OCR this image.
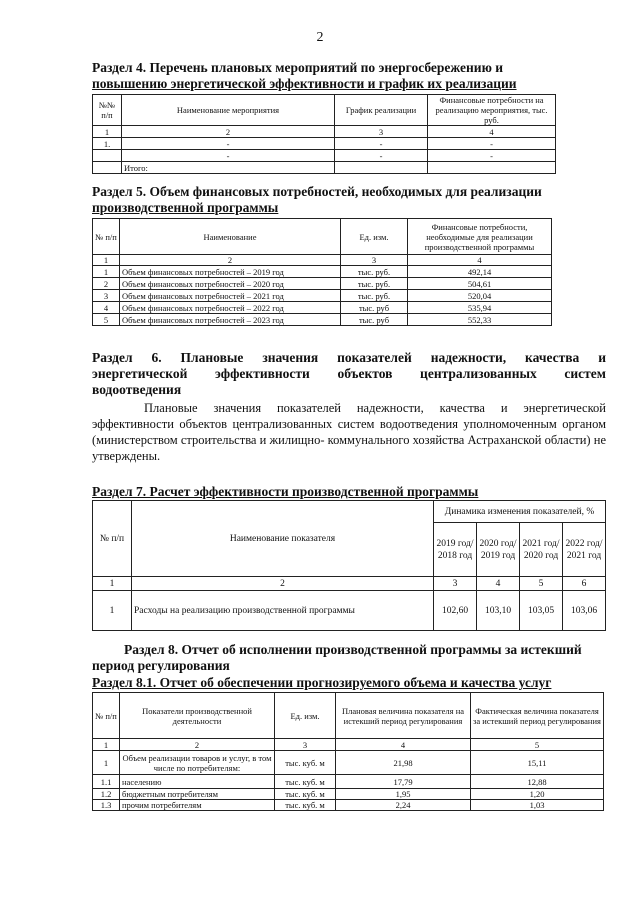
2
Раздел 4. Перечень плановых мероприятий по энергосбережению и
повышению энергетической эффективности и график их реализации
№№ п/п	Наименование мероприятия	График реализации	Финансовые потребности на реализацию мероприятия, тыс. руб.
1	2	3	4
1.	-	-	-
	-	-	-
	Итого:		
Раздел 5. Объем финансовых потребностей, необходимых для реализации
производственной программы
№ п/п	Наименование	Ед. изм.	Финансовые потребности, необходимые для реализации производственной программы
1	2	3	4
1	Объем финансовых потребностей – 2019 год	тыс. руб.	492,14
2	Объем финансовых потребностей – 2020 год	тыс. руб.	504,61
3	Объем финансовых потребностей – 2021 год	тыс. руб.	520,04
4	Объем финансовых потребностей – 2022 год	тыс. руб	535,94
5	Объем финансовых потребностей – 2023 год	тыс. руб	552,33
Раздел 6. Плановые значения показателей надежности, качества и
энергетической эффективности объектов централизованных систем
водоотведения
Плановые значения показателей надежности, качества и энергетической эффективности объектов централизованных систем водоотведения уполномоченным органом (министерством строительства и жилищно- коммунального хозяйства Астраханской области) не утверждены.
Раздел 7. Расчет эффективности производственной программы
№ п/п	Наименование показателя	Динамика изменения показателей, %			
		2019 год/ 2018 год	2020 год/ 2019 год	2021 год/ 2020 год	2022 год/ 2021 год
1	2	3	4	5	6
1	Расходы на реализацию производственной программы	102,60	103,10	103,05	103,06
Раздел 8. Отчет об исполнении производственной программы за истекший
период регулирования
Раздел 8.1. Отчет об обеспечении прогнозируемого объема и качества услуг
№ п/п	Показатели производственной деятельности	Ед. изм.	Плановая величина показателя на истекший период регулирования	Фактическая величина показателя за истекший период регулирования
1	2	3	4	5
1	Объем реализации товаров и услуг, в том числе по потребителям:	тыс. куб. м	21,98	15,11
1.1	населению	тыс. куб. м	17,79	12,88
1.2	бюджетным потребителям	тыс. куб. м	1,95	1,20
1.3	прочим потребителям	тыс. куб. м	2,24	1,03
